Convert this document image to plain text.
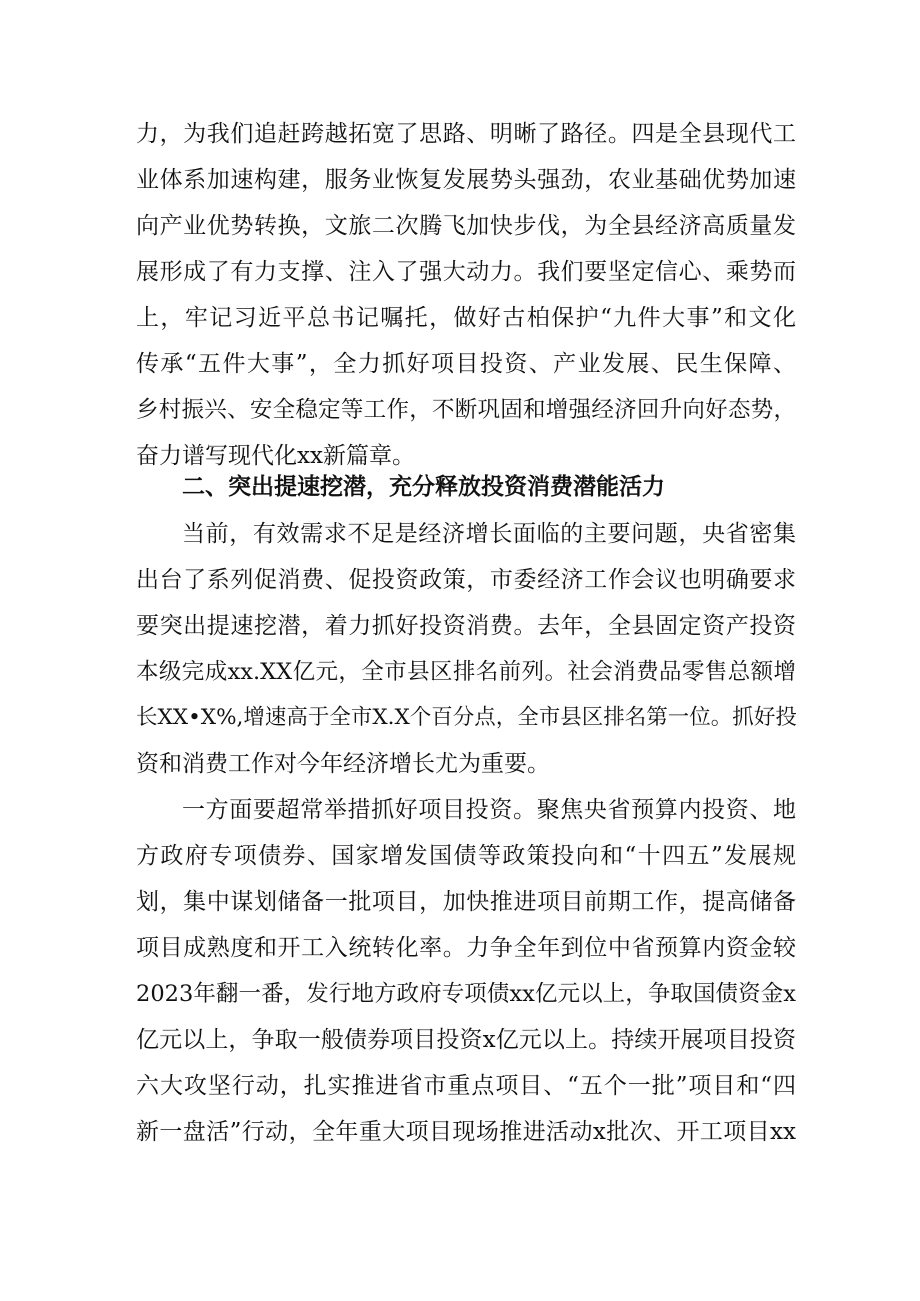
力，为我们追赶跨越拓宽了思路、明晰了路径。四是全县现代工
业体系加速构建，服务业恢复发展势头强劲，农业基础优势加速
向产业优势转换，文旅二次腾飞加快步伐，为全县经济高质量发
展形成了有力支撑、注入了强大动力。我们要坚定信心、乘势而
上，牢记习近平总书记嘱托，做好古柏保护“九件大事”和文化
传承“五件大事”，全力抓好项目投资、产业发展、民生保障、
乡村振兴、安全稳定等工作，不断巩固和增强经济回升向好态势，
奋力谱写现代化xx新篇章。
二、突出提速挖潜，充分释放投资消费潜能活力
当前，有效需求不足是经济增长面临的主要问题，央省密集
出台了系列促消费、促投资政策，市委经济工作会议也明确要求
要突出提速挖潜，着力抓好投资消费。去年，全县固定资产投资
本级完成xx.XX亿元，全市县区排名前列。社会消费品零售总额增
长XX•X%,增速高于全市X.X个百分点，全市县区排名第一位。抓好投
资和消费工作对今年经济增长尤为重要。
一方面要超常举措抓好项目投资。聚焦央省预算内投资、地
方政府专项债券、国家增发国债等政策投向和“十四五”发展规
划，集中谋划储备一批项目，加快推进项目前期工作，提高储备
项目成熟度和开工入统转化率。力争全年到位中省预算内资金较
2023年翻一番，发行地方政府专项债xx亿元以上，争取国债资金x
亿元以上，争取一般债券项目投资x亿元以上。持续开展项目投资
六大攻坚行动，扎实推进省市重点项目、“五个一批”项目和“四
新一盘活”行动，全年重大项目现场推进活动x批次、开工项目xx
